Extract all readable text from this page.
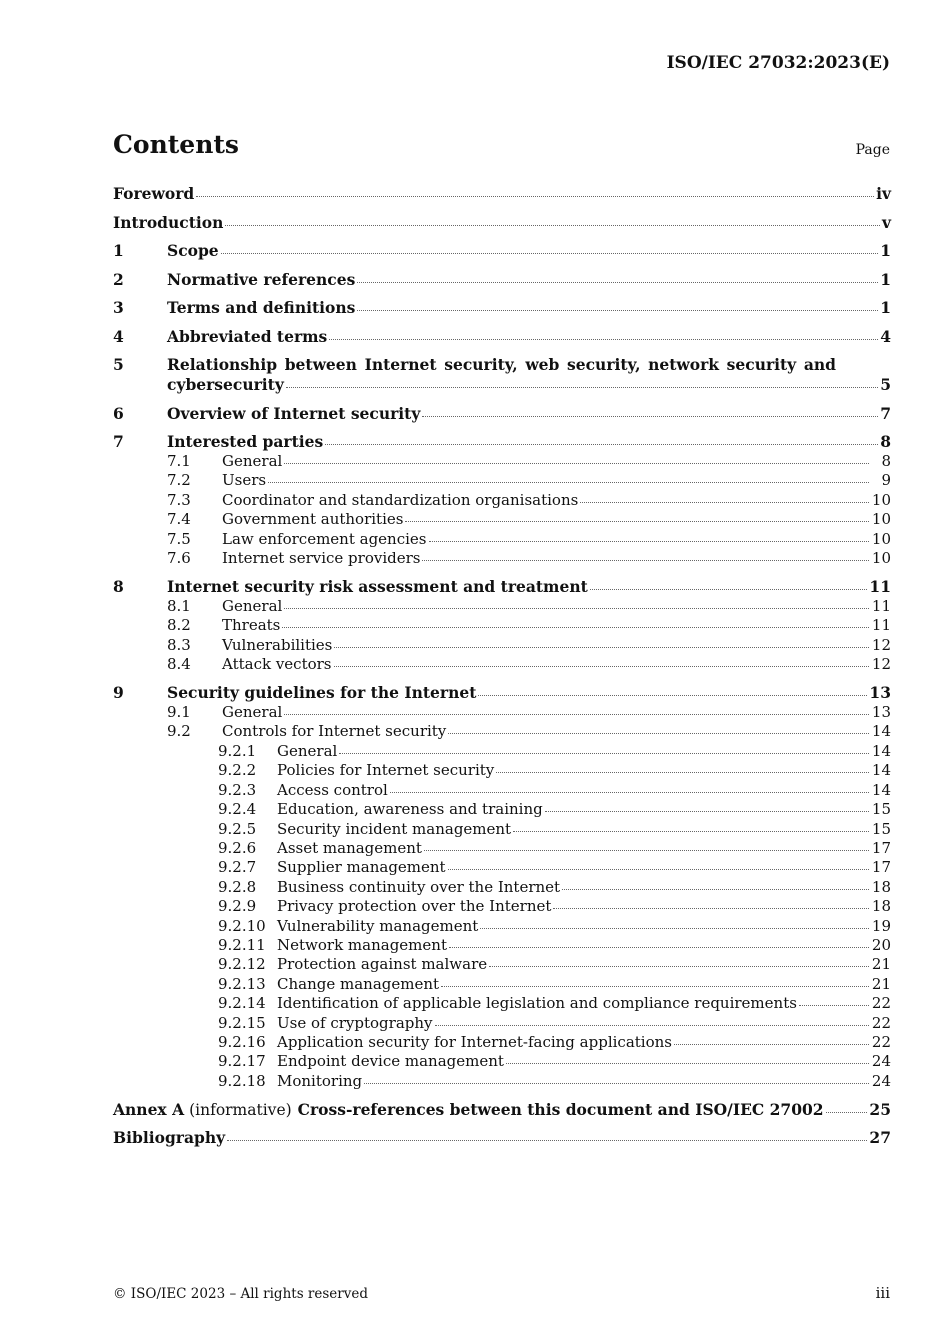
ISO/IEC 27032:2023(E)
Contents	Page
Foreword	iv
Introduction	v
1	Scope	1
2	Normative references	1
3	Terms and definitions	1
4	Abbreviated terms	4
5	Relationship between Internet security, web security, network security and
cybersecurity	5
6	Overview of Internet security	7
7	Interested parties	8
7.1	General	8
7.2	Users	9
7.3	Coordinator and standardization organisations	10
7.4	Government authorities	10
7.5	Law enforcement agencies	10
7.6	Internet service providers	10
8	Internet security risk assessment and treatment	11
8.1	General	11
8.2	Threats	11
8.3	Vulnerabilities	12
8.4	Attack vectors	12
9	Security guidelines for the Internet	13
9.1	General	13
9.2	Controls for Internet security	14
9.2.1	General	14
9.2.2	Policies for Internet security	14
9.2.3	Access control	14
9.2.4	Education, awareness and training	15
9.2.5	Security incident management	15
9.2.6	Asset management	17
9.2.7	Supplier management	17
9.2.8	Business continuity over the Internet	18
9.2.9	Privacy protection over the Internet	18
9.2.10 Vulnerability management	19
9.2.11 Network management	20
9.2.12 Protection against malware	21
9.2.13 Change management	21
9.2.14 Identification of applicable legislation and compliance requirements	22
9.2.15 Use of cryptography	22
9.2.16 Application security for Internet-facing applications	22
9.2.17 Endpoint device management	24
9.2.18 Monitoring	24
Annex A (informative) Cross-references between this document and ISO/IEC 27002	25
Bibliography	27
© ISO/IEC 2023 – All rights reserved	iii
